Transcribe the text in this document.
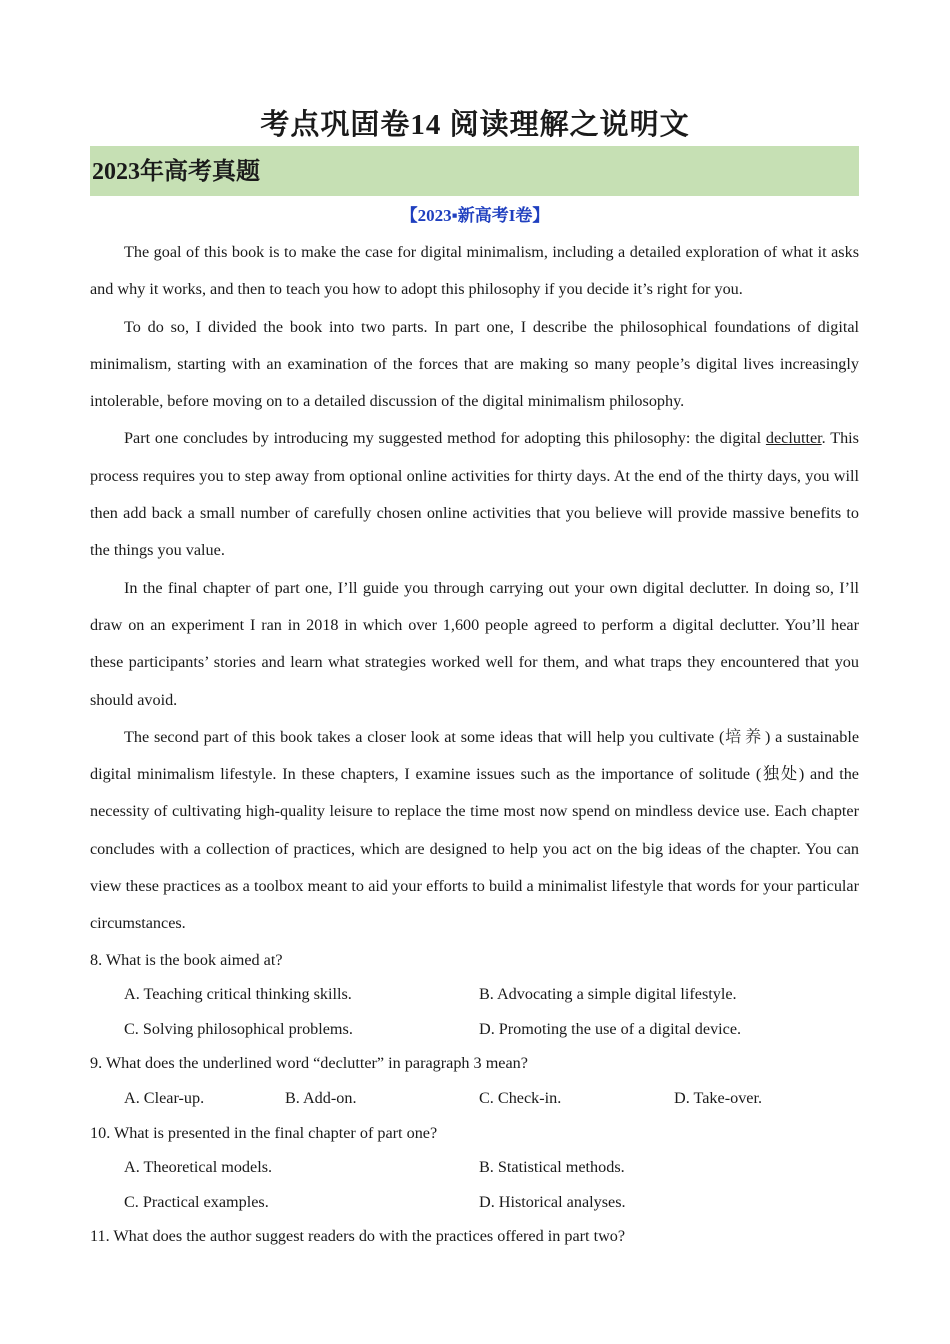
考点巩固卷14 阅读理解之说明文
2023年高考真题
【2023▪新高考I卷】

The goal of this book is to make the case for digital minimalism, including a detailed exploration of what it asks and why it works, and then to teach you how to adopt this philosophy if you decide it’s right for you.

To do so, I divided the book into two parts. In part one, I describe the philosophical foundations of digital minimalism, starting with an examination of the forces that are making so many people’s digital lives increasingly intolerable, before moving on to a detailed discussion of the digital minimalism philosophy.

Part one concludes by introducing my suggested method for adopting this philosophy: the digital declutter. This process requires you to step away from optional online activities for thirty days. At the end of the thirty days, you will then add back a small number of carefully chosen online activities that you believe will provide massive benefits to the things you value.

In the final chapter of part one, I’ll guide you through carrying out your own digital declutter. In doing so, I’ll draw on an experiment I ran in 2018 in which over 1,600 people agreed to perform a digital declutter. You’ll hear these participants’ stories and learn what strategies worked well for them, and what traps they encountered that you should avoid.

The second part of this book takes a closer look at some ideas that will help you cultivate (培养) a sustainable digital minimalism lifestyle. In these chapters, I examine issues such as the importance of solitude (独处) and the necessity of cultivating high-quality leisure to replace the time most now spend on mindless device use. Each chapter concludes with a collection of practices, which are designed to help you act on the big ideas of the chapter. You can view these practices as a toolbox meant to aid your efforts to build a minimalist lifestyle that words for your particular circumstances.

8. What is the book aimed at?

A. Teaching critical thinking skills.	B. Advocating a simple digital lifestyle.
C. Solving philosophical problems.	D. Promoting the use of a digital device.

9. What does the underlined word “declutter” in paragraph 3 mean?

A. Clear-up.	B. Add-on.	C. Check-in.	D. Take-over.

10. What is presented in the final chapter of part one?

A. Theoretical models.	B. Statistical methods.
C. Practical examples.	D. Historical analyses.

11. What does the author suggest readers do with the practices offered in part two?
